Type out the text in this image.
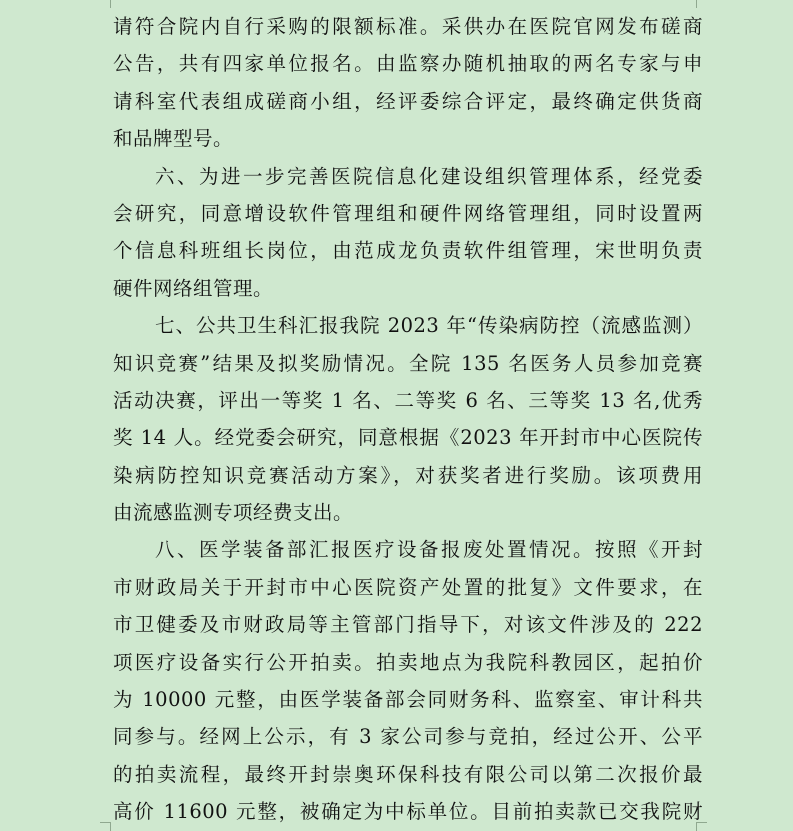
请符合院内自行采购的限额标准。采供办在医院官网发布磋商
公告，共有四家单位报名。由监察办随机抽取的两名专家与申
请科室代表组成磋商小组，经评委综合评定，最终确定供货商
和品牌型号。
六、为进一步完善医院信息化建设组织管理体系，经党委
会研究，同意增设软件管理组和硬件网络管理组，同时设置两
个信息科班组长岗位，由范成龙负责软件组管理，宋世明负责
硬件网络组管理。
七、公共卫生科汇报我院 2023 年“传染病防控（流感监测）
知识竞赛”结果及拟奖励情况。全院 135 名医务人员参加竞赛
活动决赛，评出一等奖 1 名、二等奖 6 名、三等奖 13 名,优秀
奖 14 人。经党委会研究，同意根据《2023 年开封市中心医院传
染病防控知识竞赛活动方案》，对获奖者进行奖励。该项费用
由流感监测专项经费支出。
八、医学装备部汇报医疗设备报废处置情况。按照《开封
市财政局关于开封市中心医院资产处置的批复》文件要求，在
市卫健委及市财政局等主管部门指导下，对该文件涉及的 222
项医疗设备实行公开拍卖。拍卖地点为我院科教园区，起拍价
为 10000 元整，由医学装备部会同财务科、监察室、审计科共
同参与。经网上公示，有 3 家公司参与竞拍，经过公开、公平
的拍卖流程，最终开封崇奥环保科技有限公司以第二次报价最
高价 11600 元整，被确定为中标单位。目前拍卖款已交我院财
